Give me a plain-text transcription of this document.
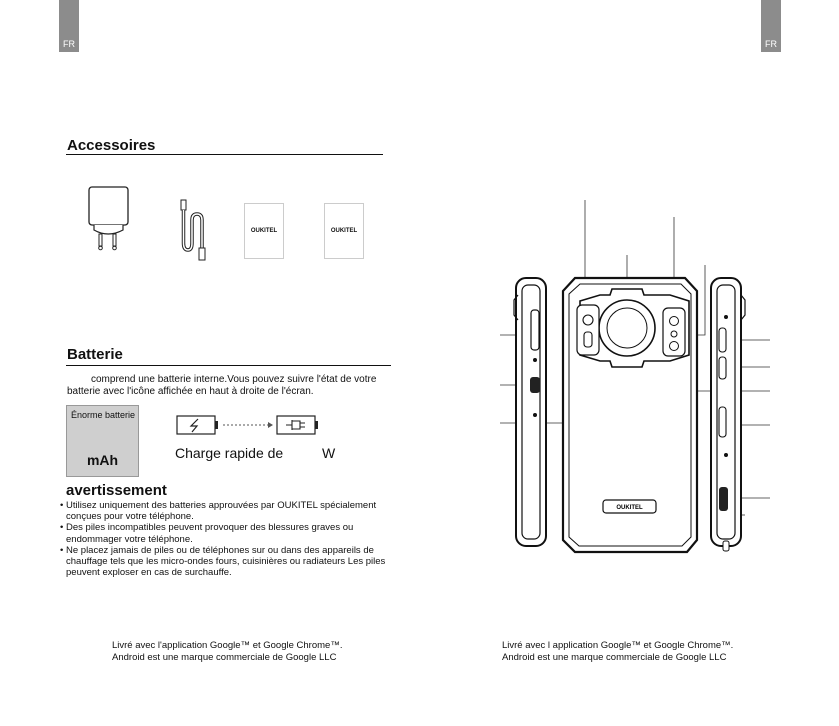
FR	FR
Accessoires
OUKITEL	OUKITEL
Batterie
comprend une batterie interne.Vous pouvez suivre l'état de votre
batterie avec l'icône affichée en haut à droite de l'écran.
Énorme batterie
mAh	Charge rapide de	W
avertissement
• Utilisez uniquement des batteries approuvées par OUKITEL spécialement conçues pour votre téléphone.
• Des piles incompatibles peuvent provoquer des blessures graves ou endommager votre téléphone.
• Ne placez jamais de piles ou de téléphones sur ou dans des appareils de chauffage tels que les micro-ondes fours, cuisinières ou radiateurs Les piles peuvent exploser en cas de surchauffe.
Livré avec l'application Google™ et Google Chrome™.
Android est une marque commerciale de Google LLC
Livré avec l application Google™ et Google Chrome™.
Android est une marque commerciale de Google LLC
OUKITEL
